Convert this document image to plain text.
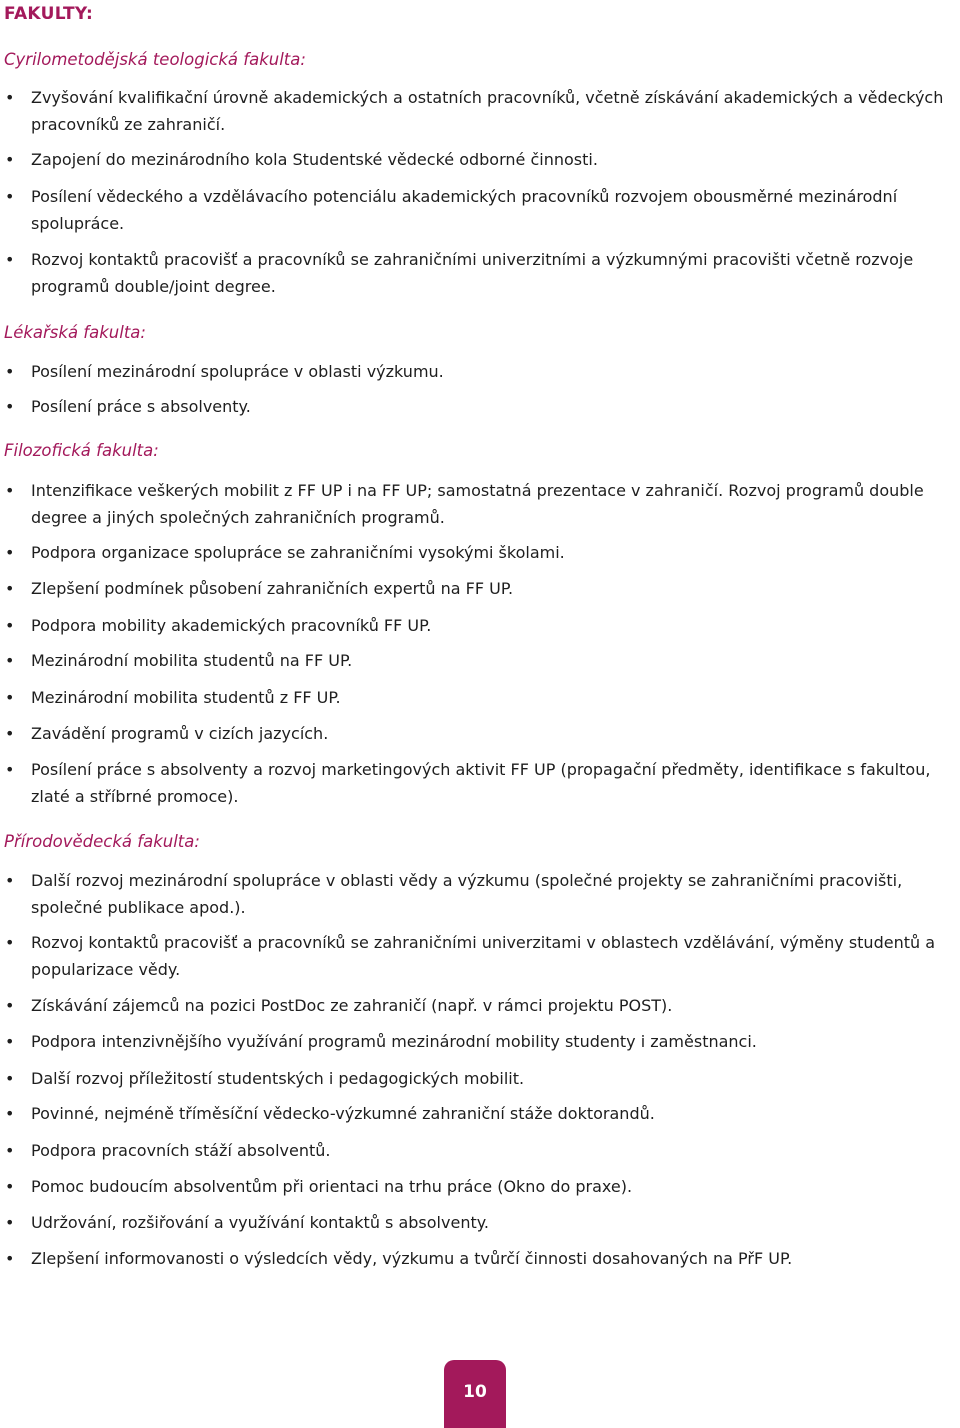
FAKULTY:
Cyrilometodějská teologická fakulta:
• Zvyšování kvalifikační úrovně akademických a ostatních pracovníků, včetně získávání akademických a vědeckých pracovníků ze zahraničí.
• Zapojení do mezinárodního kola Studentské vědecké odborné činnosti.
• Posílení vědeckého a vzdělávacího potenciálu akademických pracovníků rozvojem obousměrné mezinárodní spolupráce.
• Rozvoj kontaktů pracovišť a pracovníků se zahraničními univerzitními a výzkumnými pracovišti včetně rozvoje programů double/joint degree.
Lékařská fakulta:
• Posílení mezinárodní spolupráce v oblasti výzkumu.
• Posílení práce s absolventy.
Filozofická fakulta:
• Intenzifikace veškerých mobilit z FF UP i na FF UP; samostatná prezentace v zahraničí. Rozvoj programů double degree a jiných společných zahraničních programů.
• Podpora organizace spolupráce se zahraničními vysokými školami.
• Zlepšení podmínek působení zahraničních expertů na FF UP.
• Podpora mobility akademických pracovníků FF UP.
• Mezinárodní mobilita studentů na FF UP.
• Mezinárodní mobilita studentů z FF UP.
• Zavádění programů v cizích jazycích.
• Posílení práce s absolventy a rozvoj marketingových aktivit FF UP (propagační předměty, identifikace s fakultou, zlaté a stříbrné promoce).
Přírodovědecká fakulta:
• Další rozvoj mezinárodní spolupráce v oblasti vědy a výzkumu (společné projekty se zahraničními pracovišti, společné publikace apod.).
• Rozvoj kontaktů pracovišť a pracovníků se zahraničními univerzitami v oblastech vzdělávání, výměny studentů a popularizace vědy.
• Získávání zájemců na pozici PostDoc ze zahraničí (např. v rámci projektu POST).
• Podpora intenzivnějšího využívání programů mezinárodní mobility studenty i zaměstnanci.
• Další rozvoj příležitostí studentských i pedagogických mobilit.
• Povinné, nejméně tříměsíční vědecko-výzkumné zahraniční stáže doktorandů.
• Podpora pracovních stáží absolventů.
• Pomoc budoucím absolventům při orientaci na trhu práce (Okno do praxe).
• Udržování, rozšiřování a využívání kontaktů s absolventy.
• Zlepšení informovanosti o výsledcích vědy, výzkumu a tvůrčí činnosti dosahovaných na PřF UP.
10
